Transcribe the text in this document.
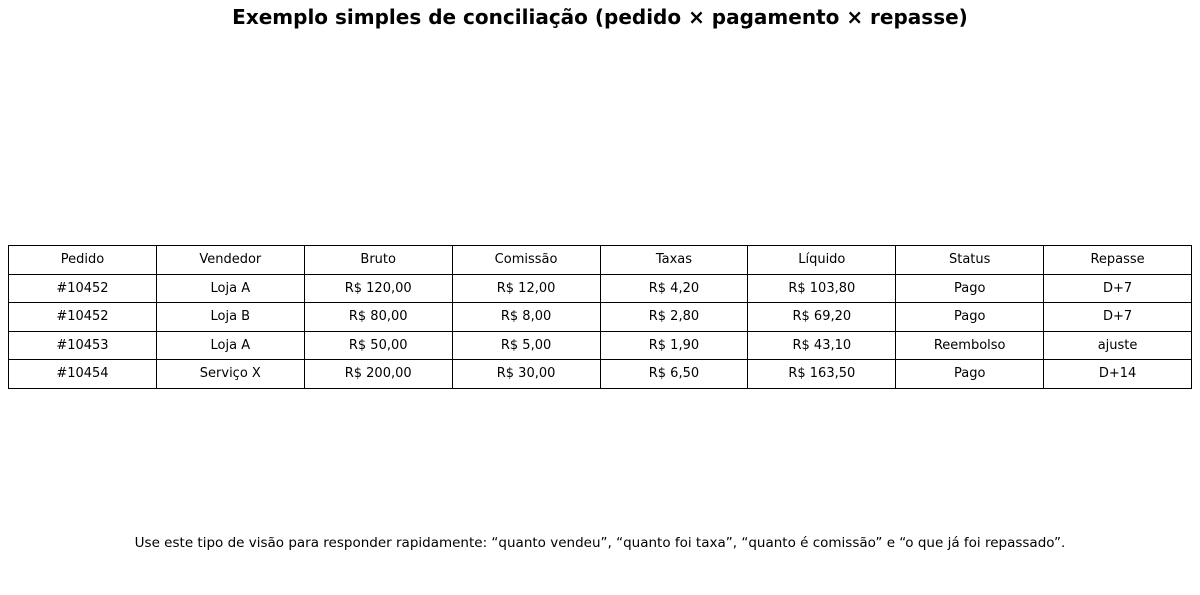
Exemplo simples de conciliação (pedido × pagamento × repasse)
Pedido	Vendedor	Bruto	Comissão	Taxas	Líquido	Status	Repasse
#10452	Loja A	R$ 120,00	R$ 12,00	R$ 4,20	R$ 103,80	Pago	D+7
#10452	Loja B	R$ 80,00	R$ 8,00	R$ 2,80	R$ 69,20	Pago	D+7
#10453	Loja A	R$ 50,00	R$ 5,00	R$ 1,90	R$ 43,10	Reembolso	ajuste
#10454	Serviço X	R$ 200,00	R$ 30,00	R$ 6,50	R$ 163,50	Pago	D+14
Use este tipo de visão para responder rapidamente: “quanto vendeu”, “quanto foi taxa”, “quanto é comissão” e “o que já foi repassado”.
